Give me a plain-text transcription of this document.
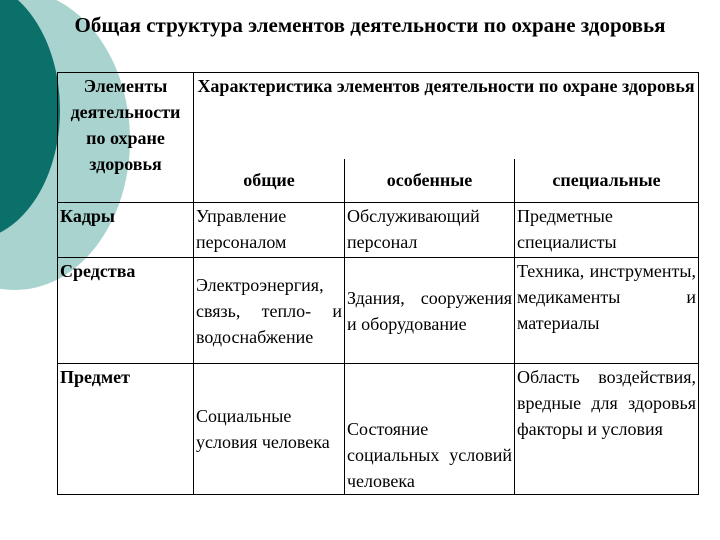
Общая структура элементов деятельности по охране здоровья
Элементы деятельности по охране здоровья	Характеристика элементов деятельности по охране здоровья		
	общие	особенные	специальные
Кадры	Управление персоналом	Обслуживающий персонал	Предметные специалисты
Средства	Электроэнергия, связь, тепло- и водоснабжение	Здания, сооружения и оборудование	Техника, инструменты, медикаменты и материалы
Предмет	Социальные условия человека	Состояние социальных условий человека	Область воздействия, вредные для здоровья факторы и условия
